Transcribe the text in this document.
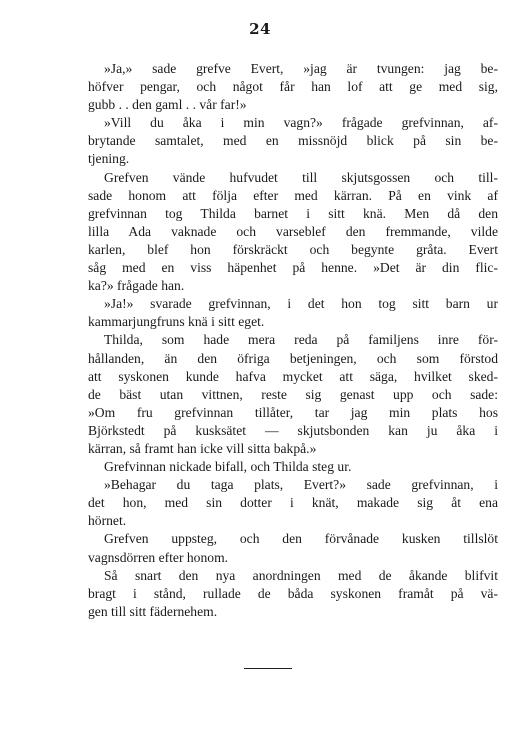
24
»Ja,» sade grefve Evert, »jag är tvungen: jag be-
höfver pengar, och något får han lof att ge med sig,
gubb . . den gaml . . vår far!»
»Vill du åka i min vagn?» frågade grefvinnan, af-
brytande samtalet, med en missnöjd blick på sin be-
tjening.
Grefven vände hufvudet till skjutsgossen och till-
sade honom att följa efter med kärran. På en vink af
grefvinnan tog Thilda barnet i sitt knä. Men då den
lilla Ada vaknade och varseblef den fremmande, vilde
karlen, blef hon förskräckt och begynte gråta. Evert
såg med en viss häpenhet på henne. »Det är din flic-
ka?» frågade han.
»Ja!» svarade grefvinnan, i det hon tog sitt barn ur
kammarjungfruns knä i sitt eget.
Thilda, som hade mera reda på familjens inre för-
hållanden, än den öfriga betjeningen, och som förstod
att syskonen kunde hafva mycket att säga, hvilket sked-
de bäst utan vittnen, reste sig genast upp och sade:
»Om fru grefvinnan tillåter, tar jag min plats hos
Björkstedt på kusksätet — skjutsbonden kan ju åka i
kärran, så framt han icke vill sitta bakpå.»
Grefvinnan nickade bifall, och Thilda steg ur.
»Behagar du taga plats, Evert?» sade grefvinnan, i
det hon, med sin dotter i knät, makade sig åt ena
hörnet.
Grefven uppsteg, och den förvånade kusken tillslöt
vagnsdörren efter honom.
Så snart den nya anordningen med de åkande blifvit
bragt i stånd, rullade de båda syskonen framåt på vä-
gen till sitt fädernehem.
